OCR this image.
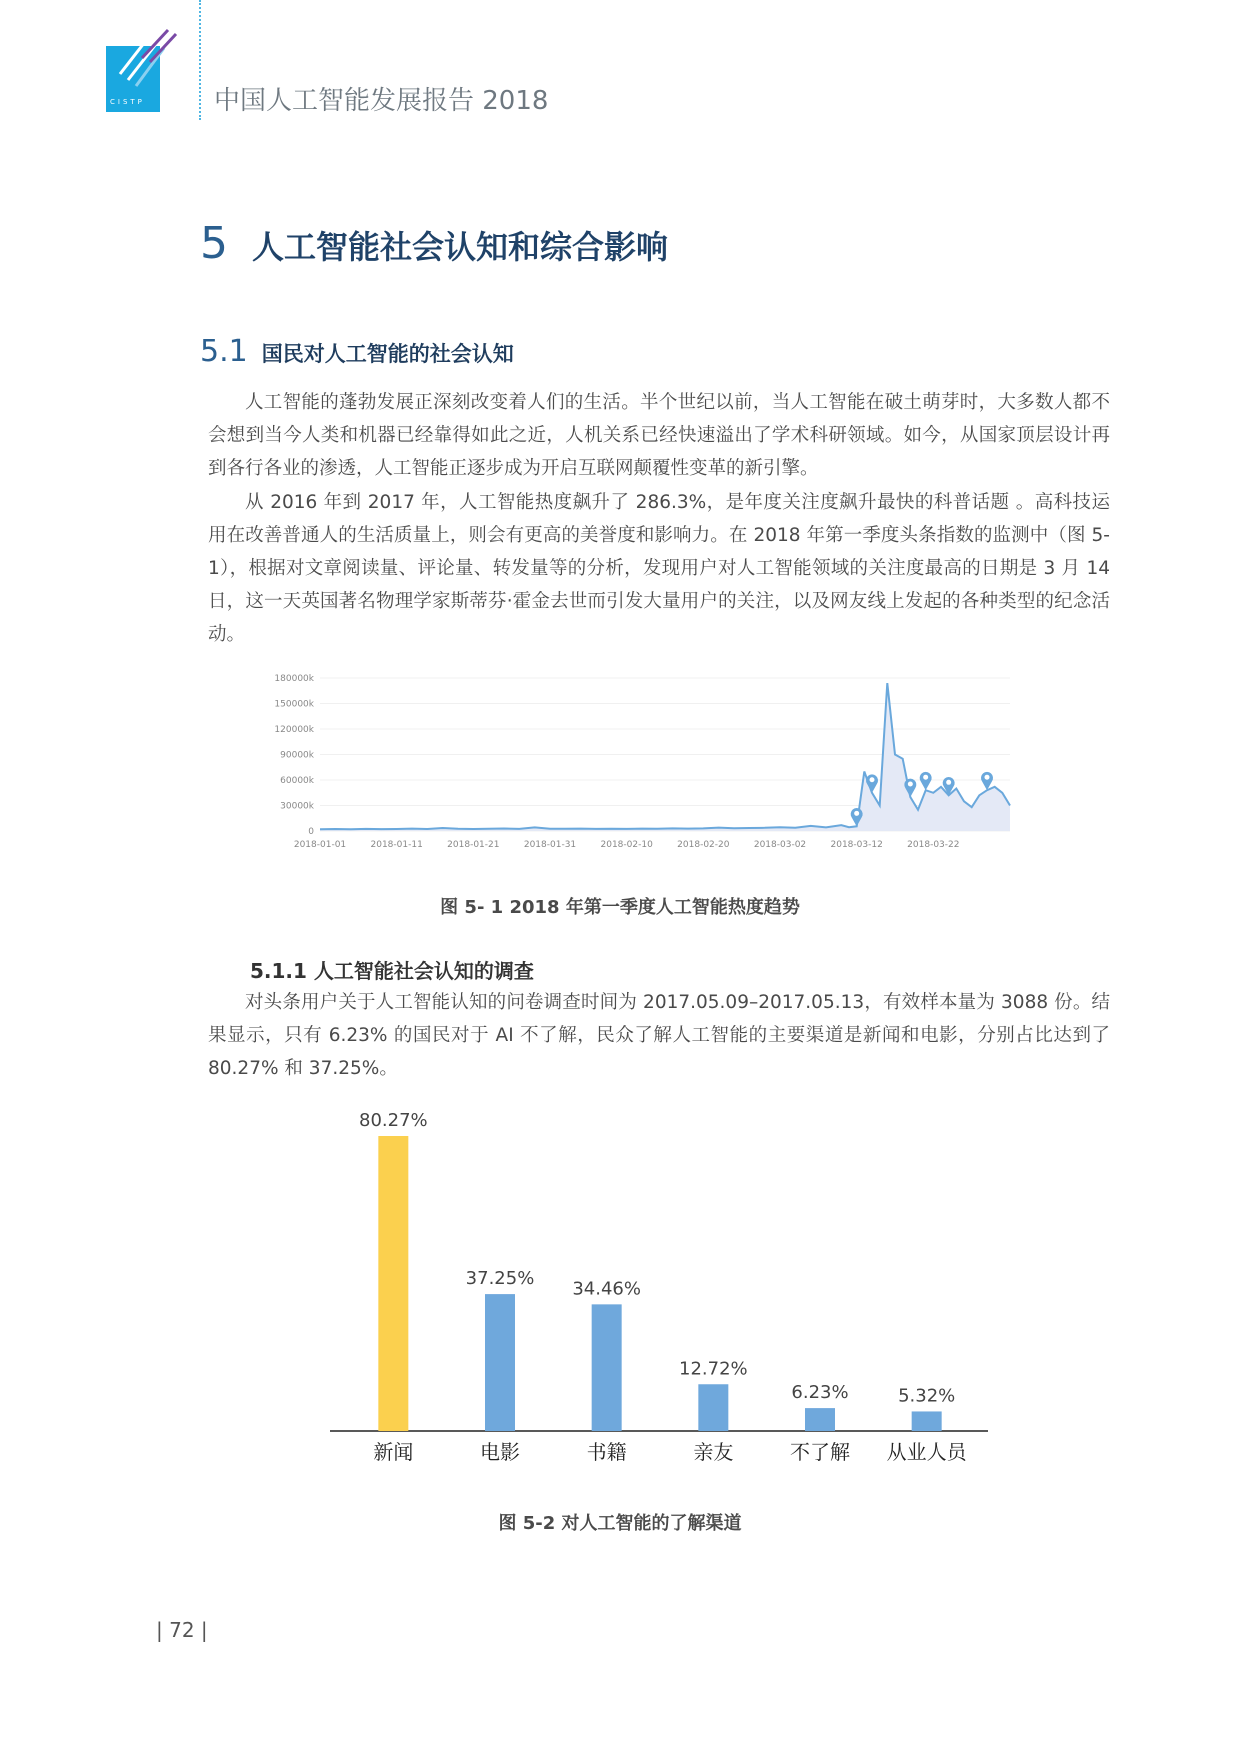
CISTP	中国人工智能发展报告 2018
5 人工智能社会认知和综合影响
5.1 国民对人工智能的社会认知

人工智能的蓬勃发展正深刻改变着人们的生活。半个世纪以前，当人工智能在破土萌芽时，大多数人都不会想到当今人类和机器已经靠得如此之近，人机关系已经快速溢出了学术科研领域。如今，从国家顶层设计再到各行各业的渗透，人工智能正逐步成为开启互联网颠覆性变革的新引擎。

从 2016 年到 2017 年，人工智能热度飙升了 286.3%，是年度关注度飙升最快的科普话题 。高科技运用在改善普通人的生活质量上，则会有更高的美誉度和影响力。在 2018 年第一季度头条指数的监测中（图 5-1），根据对文章阅读量、评论量、转发量等的分析，发现用户对人工智能领域的关注度最高的日期是 3 月 14 日，这一天英国著名物理学家斯蒂芬·霍金去世而引发大量用户的关注，以及网友线上发起的各种类型的纪念活动。

0
30000k
60000k
90000k
120000k
150000k
180000k
2018-01-01	2018-01-11	2018-01-21	2018-01-31	2018-02-10	2018-02-20	2018-03-02	2018-03-12	2018-03-22
图 5- 1 2018 年第一季度人工智能热度趋势
5.1.1 人工智能社会认知的调查

对头条用户关于人工智能认知的问卷调查时间为 2017.05.09–2017.05.13，有效样本量为 3088 份。结果显示，只有 6.23% 的国民对于 AI 不了解，民众了解人工智能的主要渠道是新闻和电影，分别占比达到了 80.27% 和 37.25%。

80.27%
新闻
37.25%
电影
34.46%
书籍
12.72%
亲友
6.23%
不了解
5.32%
从业人员
图 5-2 对人工智能的了解渠道
| 72 |
